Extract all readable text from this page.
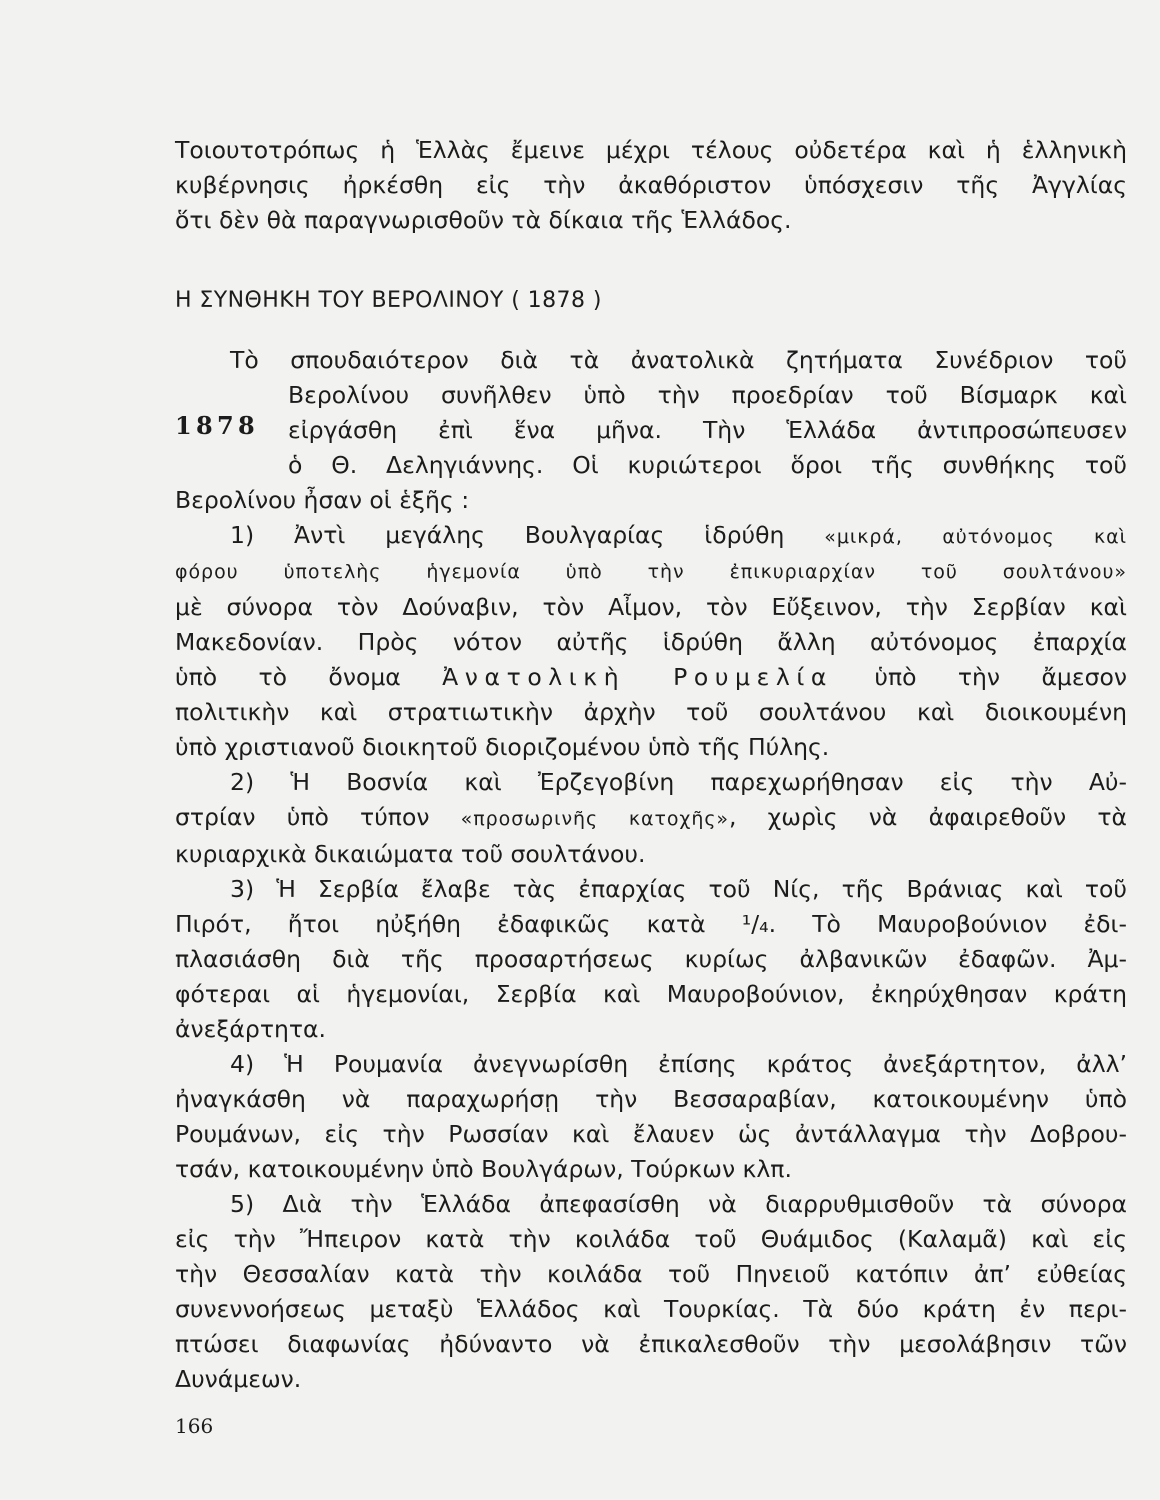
Τοιουτοτρόπως ἡ Ἑλλὰς ἔμεινε μέχρι τέλους οὐδετέρα καὶ ἡ ἑλληνικὴ
κυβέρνησις ἠρκέσθη εἰς τὴν ἀκαθόριστον ὑπόσχεσιν τῆς Ἀγγλίας
ὅτι δὲν θὰ παραγνωρισθοῦν τὰ δίκαια τῆς Ἑλλάδος.
Η ΣΥΝΘΗΚΗ ΤΟΥ ΒΕΡΟΛΙΝΟΥ ( 1878 )
1878
Τὸ σπουδαιότερον διὰ τὰ ἀνατολικὰ ζητήματα Συνέδριον τοῦ
Βερολίνου συνῆλθεν ὑπὸ τὴν προεδρίαν τοῦ Βίσμαρκ καὶ
εἰργάσθη ἐπὶ ἕνα μῆνα. Τὴν Ἑλλάδα ἀντιπροσώπευσεν
ὁ Θ. Δεληγιάννης. Οἱ κυριώτεροι ὅροι τῆς συνθήκης τοῦ
Βερολίνου ἦσαν οἱ ἑξῆς :
1) Ἀντὶ μεγάλης Βουλγαρίας ἱδρύθη «μικρά, αὐτόνομος καὶ
φόρου ὑποτελὴς ἡγεμονία ὑπὸ τὴν ἐπικυριαρχίαν τοῦ σουλτάνου»
μὲ σύνορα τὸν Δούναβιν, τὸν Αἶμον, τὸν Εὔξεινον, τὴν Σερβίαν καὶ
Μακεδονίαν. Πρὸς νότον αὐτῆς ἱδρύθη ἄλλη αὐτόνομος ἐπαρχία
ὑπὸ τὸ ὄνομα Ἀνατολικὴ Ρουμελία ὑπὸ τὴν ἄμεσον
πολιτικὴν καὶ στρατιωτικὴν ἀρχὴν τοῦ σουλτάνου καὶ διοικουμένη
ὑπὸ χριστιανοῦ διοικητοῦ διοριζομένου ὑπὸ τῆς Πύλης.
2) Ἡ Βοσνία καὶ Ἐρζεγοβίνη παρεχωρήθησαν εἰς τὴν Αὐ-
στρίαν ὑπὸ τύπον «προσωρινῆς κατοχῆς», χωρὶς νὰ ἀφαιρεθοῦν τὰ
κυριαρχικὰ δικαιώματα τοῦ σουλτάνου.
3) Ἡ Σερβία ἔλαβε τὰς ἐπαρχίας τοῦ Νίς, τῆς Βράνιας καὶ τοῦ
Πιρότ, ἤτοι ηὐξήθη ἐδαφικῶς κατὰ ¹/₄. Τὸ Μαυροβούνιον ἐδι-
πλασιάσθη διὰ τῆς προσαρτήσεως κυρίως ἀλβανικῶν ἐδαφῶν. Ἀμ-
φότεραι αἱ ἡγεμονίαι, Σερβία καὶ Μαυροβούνιον, ἐκηρύχθησαν κράτη
ἀνεξάρτητα.
4) Ἡ Ρουμανία ἀνεγνωρίσθη ἐπίσης κράτος ἀνεξάρτητον, ἀλλ’
ἠναγκάσθη νὰ παραχωρήσῃ τὴν Βεσσαραβίαν, κατοικουμένην ὑπὸ
Ρουμάνων, εἰς τὴν Ρωσσίαν καὶ ἔλαυεν ὡς ἀντάλλαγμα τὴν Δοβρου-
τσάν, κατοικουμένην ὑπὸ Βουλγάρων, Τούρκων κλπ.
5) Διὰ τὴν Ἑλλάδα ἀπεφασίσθη νὰ διαρρυθμισθοῦν τὰ σύνορα
εἰς τὴν Ἤπειρον κατὰ τὴν κοιλάδα τοῦ Θυάμιδος (Καλαμᾶ) καὶ εἰς
τὴν Θεσσαλίαν κατὰ τὴν κοιλάδα τοῦ Πηνειοῦ κατόπιν ἀπ’ εὐθείας
συνεννοήσεως μεταξὺ Ἑλλάδος καὶ Τουρκίας. Τὰ δύο κράτη ἐν περι-
πτώσει διαφωνίας ἠδύναντο νὰ ἐπικαλεσθοῦν τὴν μεσολάβησιν τῶν
Δυνάμεων.
166
